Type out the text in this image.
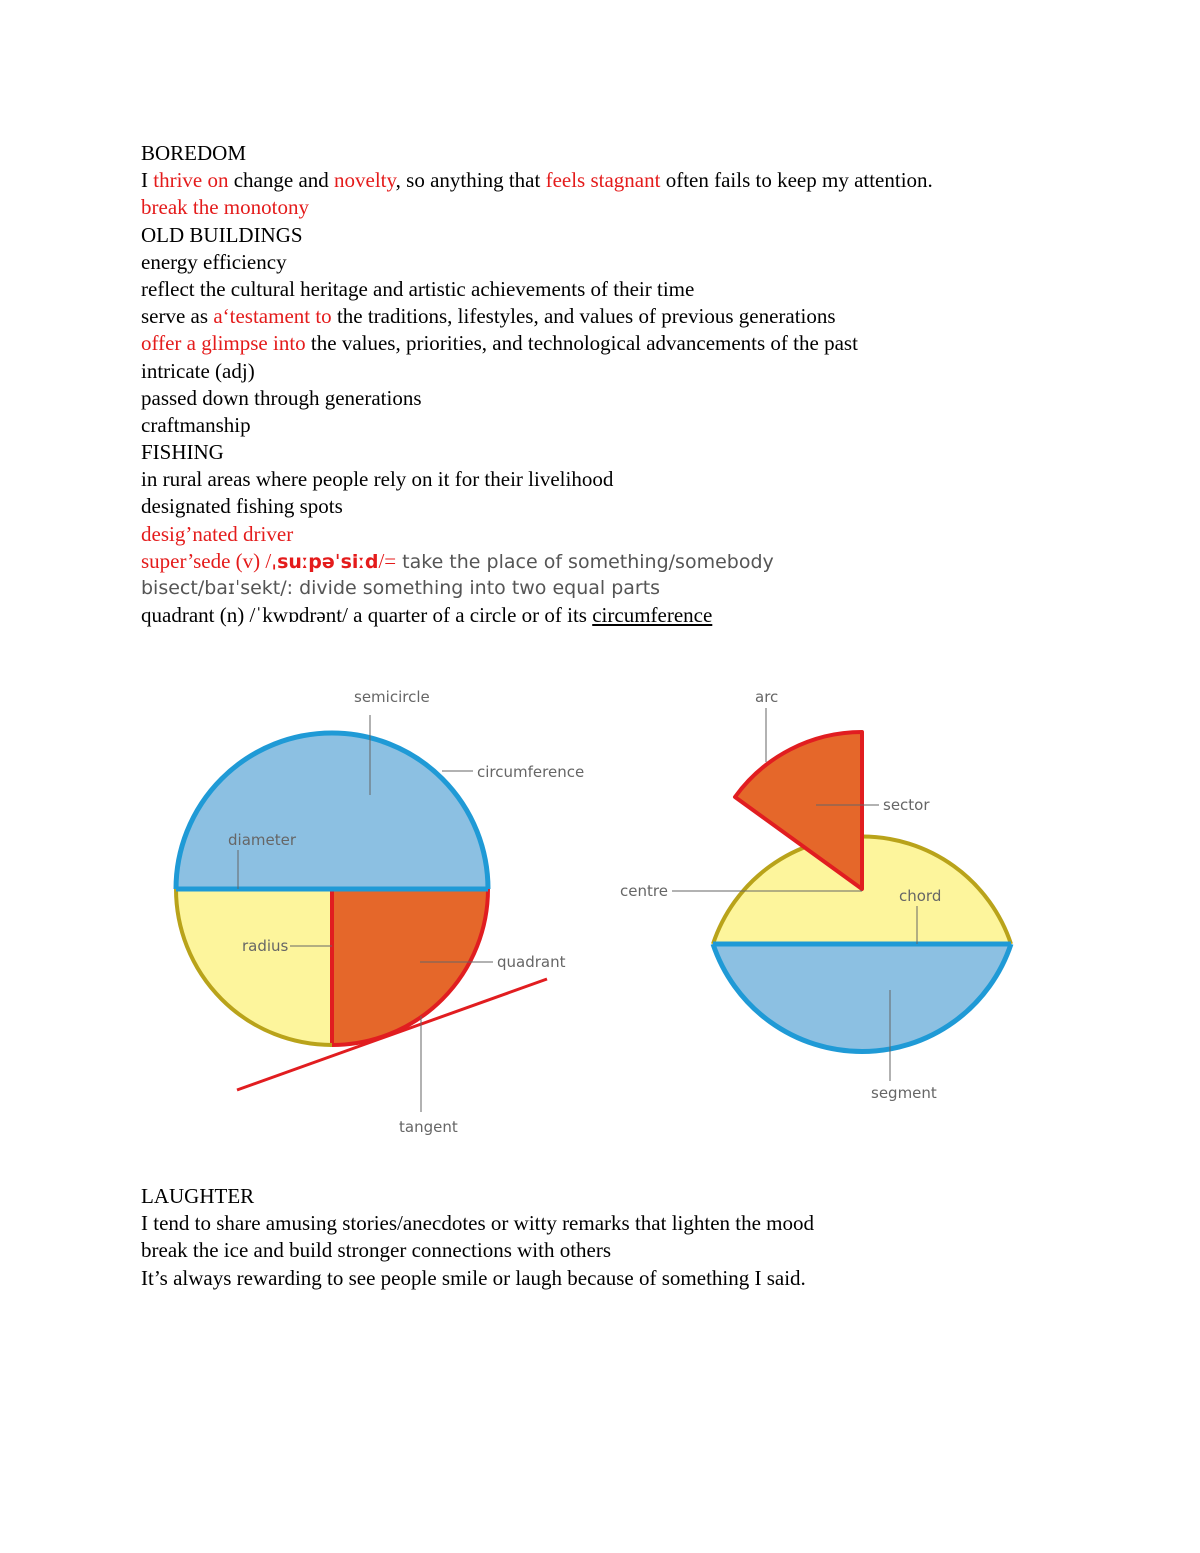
BOREDOM
I thrive on change and novelty, so anything that feels stagnant often fails to keep my attention.
break the monotony
OLD BUILDINGS
energy efficiency
reflect the cultural heritage and artistic achievements of their time
serve as a‘testament to the traditions, lifestyles, and values of previous generations
offer a glimpse into the values, priorities, and technological advancements of the past
intricate (adj)
passed down through generations
craftmanship
FISHING
in rural areas where people rely on it for their livelihood
designated fishing spots
desig’nated driver
super’sede (v) /ˌsuːpəˈsiːd/= take the place of something/somebody
bisect/baɪˈsekt/: divide something into two equal parts
quadrant (n) /ˈkwɒdrənt/ a quarter of a circle or of its circumference
semicircle
circumference
diameter
radius
quadrant
tangent
arc
sector
centre	chord
segment
LAUGHTER
I tend to share amusing stories/anecdotes or witty remarks that lighten the mood
break the ice and build stronger connections with others
It’s always rewarding to see people smile or laugh because of something I said.
